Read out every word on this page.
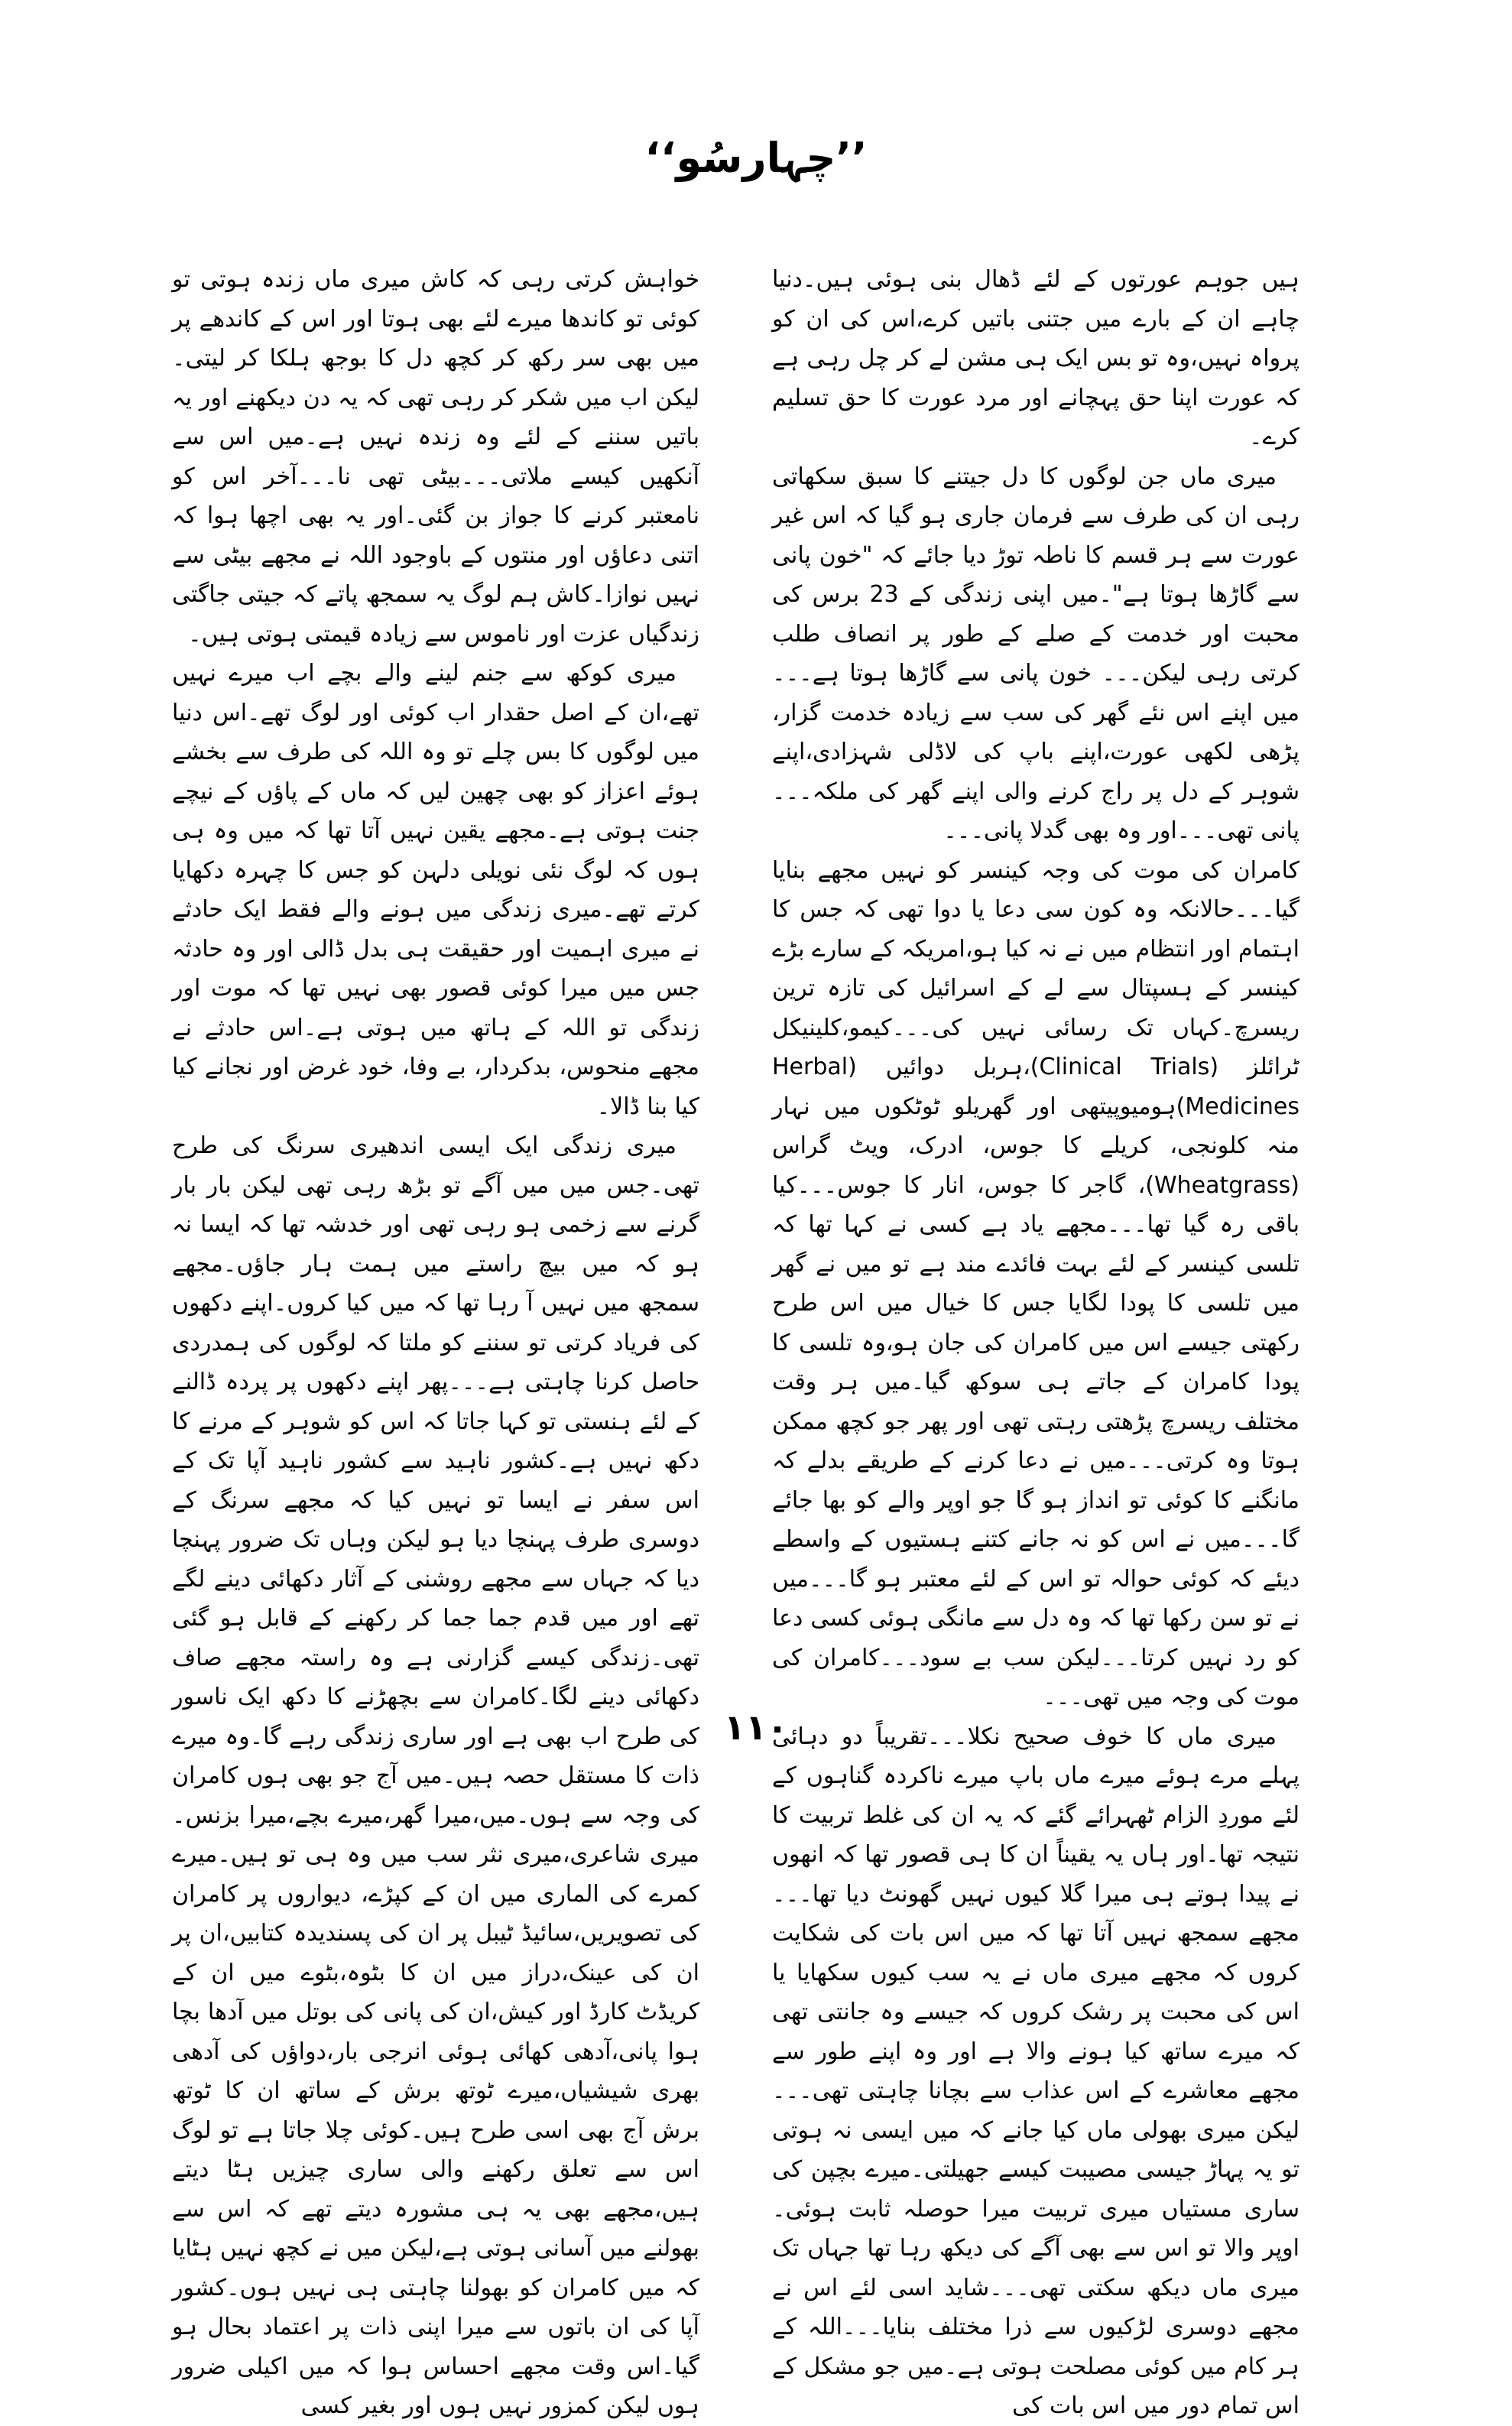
’’چہارسُو‘‘

ہیں جوہم عورتوں کے لئے ڈھال بنی ہوئی ہیں۔دنیا چاہے ان کے بارے میں جتنی باتیں کرے،اس کی ان کو پرواہ نہیں،وہ تو بس ایک ہی مشن لے کر چل رہی ہے کہ عورت اپنا حق پہچانے اور مرد عورت کا حق تسلیم کرے۔

میری ماں جن لوگوں کا دل جیتنے کا سبق سکھاتی رہی ان کی طرف سے فرمان جاری ہو گیا کہ اس غیر عورت سے ہر قسم کا ناطہ توڑ دیا جائے کہ "خون پانی سے گاڑھا ہوتا ہے"۔میں اپنی زندگی کے 23 برس کی محبت اور خدمت کے صلے کے طور پر انصاف طلب کرتی رہی لیکن۔۔۔ خون پانی سے گاڑھا ہوتا ہے۔۔۔میں اپنے اس نئے گھر کی سب سے زیادہ خدمت گزار، پڑھی لکھی عورت،اپنے باپ کی لاڈلی شہزادی،اپنے شوہر کے دل پر راج کرنے والی اپنے گھر کی ملکہ۔۔۔پانی تھی۔۔۔اور وہ بھی گدلا پانی۔۔۔

کامران کی موت کی وجہ کینسر کو نہیں مجھے بنایا گیا۔۔۔حالانکہ وہ کون سی دعا یا دوا تھی کہ جس کا اہتمام اور انتظام میں نے نہ کیا ہو،امریکہ کے سارے بڑے کینسر کے ہسپتال سے لے کے اسرائیل کی تازہ ترین ریسرچ۔کہاں تک رسائی نہیں کی۔۔۔کیمو،کلینیکل ٹرائلز (Clinical Trials)،ہربل دوائیں (Herbal Medicines)ہومیوپیتھی اور گھریلو ٹوٹکوں میں نہار منہ کلونجی، کریلے کا جوس، ادرک، ویٹ گراس (Wheatgrass)، گاجر کا جوس، انار کا جوس۔۔۔کیا باقی رہ گیا تھا۔۔۔مجھے یاد ہے کسی نے کہا تھا کہ تلسی کینسر کے لئے بہت فائدے مند ہے تو میں نے گھر میں تلسی کا پودا لگایا جس کا خیال میں اس طرح رکھتی جیسے اس میں کامران کی جان ہو،وہ تلسی کا پودا کامران کے جاتے ہی سوکھ گیا۔میں ہر وقت مختلف ریسرچ پڑھتی رہتی تھی اور پھر جو کچھ ممکن ہوتا وہ کرتی۔۔۔میں نے دعا کرنے کے طریقے بدلے کہ مانگنے کا کوئی تو انداز ہو گا جو اوپر والے کو بھا جائے گا۔۔۔میں نے اس کو نہ جانے کتنے ہستیوں کے واسطے دیئے کہ کوئی حوالہ تو اس کے لئے معتبر ہو گا۔۔۔میں نے تو سن رکھا تھا کہ وہ دل سے مانگی ہوئی کسی دعا کو رد نہیں کرتا۔۔۔لیکن سب بے سود۔۔۔کامران کی موت کی وجہ میں تھی۔۔۔

میری ماں کا خوف صحیح نکلا۔۔۔تقریباً دو دہائی پہلے مرے ہوئے میرے ماں باپ میرے ناکردہ گناہوں کے لئے موردِ الزام ٹھہرائے گئے کہ یہ ان کی غلط تربیت کا نتیجہ تھا۔اور ہاں یہ یقیناً ان کا ہی قصور تھا کہ انھوں نے پیدا ہوتے ہی میرا گلا کیوں نہیں گھونٹ دیا تھا۔۔۔مجھے سمجھ نہیں آتا تھا کہ میں اس بات کی شکایت کروں کہ مجھے میری ماں نے یہ سب کیوں سکھایا یا اس کی محبت پر رشک کروں کہ جیسے وہ جانتی تھی کہ میرے ساتھ کیا ہونے والا ہے اور وہ اپنے طور سے مجھے معاشرے کے اس عذاب سے بچانا چاہتی تھی۔۔۔لیکن میری بھولی ماں کیا جانے کہ میں ایسی نہ ہوتی تو یہ پہاڑ جیسی مصیبت کیسے جھیلتی۔میرے بچپن کی ساری مستیاں میری تربیت میرا حوصلہ ثابت ہوئی۔اوپر والا تو اس سے بھی آگے کی دیکھ رہا تھا جہاں تک میری ماں دیکھ سکتی تھی۔۔۔شاید اسی لئے اس نے مجھے دوسری لڑکیوں سے ذرا مختلف بنایا۔۔۔اللہ کے ہر کام میں کوئی مصلحت ہوتی ہے۔میں جو مشکل کے اس تمام دور میں اس بات کی

خواہش کرتی رہی کہ کاش میری ماں زندہ ہوتی تو کوئی تو کاندھا میرے لئے بھی ہوتا اور اس کے کاندھے پر میں بھی سر رکھ کر کچھ دل کا بوجھ ہلکا کر لیتی۔لیکن اب میں شکر کر رہی تھی کہ یہ دن دیکھنے اور یہ باتیں سننے کے لئے وہ زندہ نہیں ہے۔میں اس سے آنکھیں کیسے ملاتی۔۔۔بیٹی تھی نا۔۔۔آخر اس کو نامعتبر کرنے کا جواز بن گئی۔اور یہ بھی اچھا ہوا کہ اتنی دعاؤں اور منتوں کے باوجود اللہ نے مجھے بیٹی سے نہیں نوازا۔کاش ہم لوگ یہ سمجھ پاتے کہ جیتی جاگتی زندگیاں عزت اور ناموس سے زیادہ قیمتی ہوتی ہیں۔

میری کوکھ سے جنم لینے والے بچے اب میرے نہیں تھے،ان کے اصل حقدار اب کوئی اور لوگ تھے۔اس دنیا میں لوگوں کا بس چلے تو وہ اللہ کی طرف سے بخشے ہوئے اعزاز کو بھی چھین لیں کہ ماں کے پاؤں کے نیچے جنت ہوتی ہے۔مجھے یقین نہیں آتا تھا کہ میں وہ ہی ہوں کہ لوگ نئی نویلی دلہن کو جس کا چہرہ دکھایا کرتے تھے۔میری زندگی میں ہونے والے فقط ایک حادثے نے میری اہمیت اور حقیقت ہی بدل ڈالی اور وہ حادثہ جس میں میرا کوئی قصور بھی نہیں تھا کہ موت اور زندگی تو اللہ کے ہاتھ میں ہوتی ہے۔اس حادثے نے مجھے منحوس، بدکردار، بے وفا، خود غرض اور نجانے کیا کیا بنا ڈالا۔

میری زندگی ایک ایسی اندھیری سرنگ کی طرح تھی۔جس میں میں آگے تو بڑھ رہی تھی لیکن بار بار گرنے سے زخمی ہو رہی تھی اور خدشہ تھا کہ ایسا نہ ہو کہ میں بیچ راستے میں ہمت ہار جاؤں۔مجھے سمجھ میں نہیں آ رہا تھا کہ میں کیا کروں۔اپنے دکھوں کی فریاد کرتی تو سننے کو ملتا کہ لوگوں کی ہمدردی حاصل کرنا چاہتی ہے۔۔۔پھر اپنے دکھوں پر پردہ ڈالنے کے لئے ہنستی تو کہا جاتا کہ اس کو شوہر کے مرنے کا دکھ نہیں ہے۔کشور ناہید سے کشور ناہید آپا تک کے اس سفر نے ایسا تو نہیں کیا کہ مجھے سرنگ کے دوسری طرف پہنچا دیا ہو لیکن وہاں تک ضرور پہنچا دیا کہ جہاں سے مجھے روشنی کے آثار دکھائی دینے لگے تھے اور میں قدم جما جما کر رکھنے کے قابل ہو گئی تھی۔زندگی کیسے گزارنی ہے وہ راستہ مجھے صاف دکھائی دینے لگا۔کامران سے بچھڑنے کا دکھ ایک ناسور کی طرح اب بھی ہے اور ساری زندگی رہے گا۔وہ میرے ذات کا مستقل حصہ ہیں۔میں آج جو بھی ہوں کامران کی وجہ سے ہوں۔میں،میرا گھر،میرے بچے،میرا بزنس۔میری شاعری،میری نثر سب میں وہ ہی تو ہیں۔میرے کمرے کی الماری میں ان کے کپڑے، دیواروں پر کامران کی تصویریں،سائیڈ ٹیبل پر ان کی پسندیدہ کتابیں،ان پر ان کی عینک،دراز میں ان کا بٹوہ،بٹوے میں ان کے کریڈٹ کارڈ اور کیش،ان کی پانی کی بوتل میں آدھا بچا ہوا پانی،آدھی کھائی ہوئی انرجی بار،دواؤں کی آدھی بھری شیشیاں،میرے ٹوتھ برش کے ساتھ ان کا ٹوتھ برش آج بھی اسی طرح ہیں۔کوئی چلا جاتا ہے تو لوگ اس سے تعلق رکھنے والی ساری چیزیں ہٹا دیتے ہیں،مجھے بھی یہ ہی مشورہ دیتے تھے کہ اس سے بھولنے میں آسانی ہوتی ہے،لیکن میں نے کچھ نہیں ہٹایا کہ میں کامران کو بھولنا چاہتی ہی نہیں ہوں۔کشور آپا کی ان باتوں سے میرا اپنی ذات پر اعتماد بحال ہو گیا۔اس وقت مجھے احساس ہوا کہ میں اکیلی ضرور ہوں لیکن کمزور نہیں ہوں اور بغیر کسی

۱۱۰
